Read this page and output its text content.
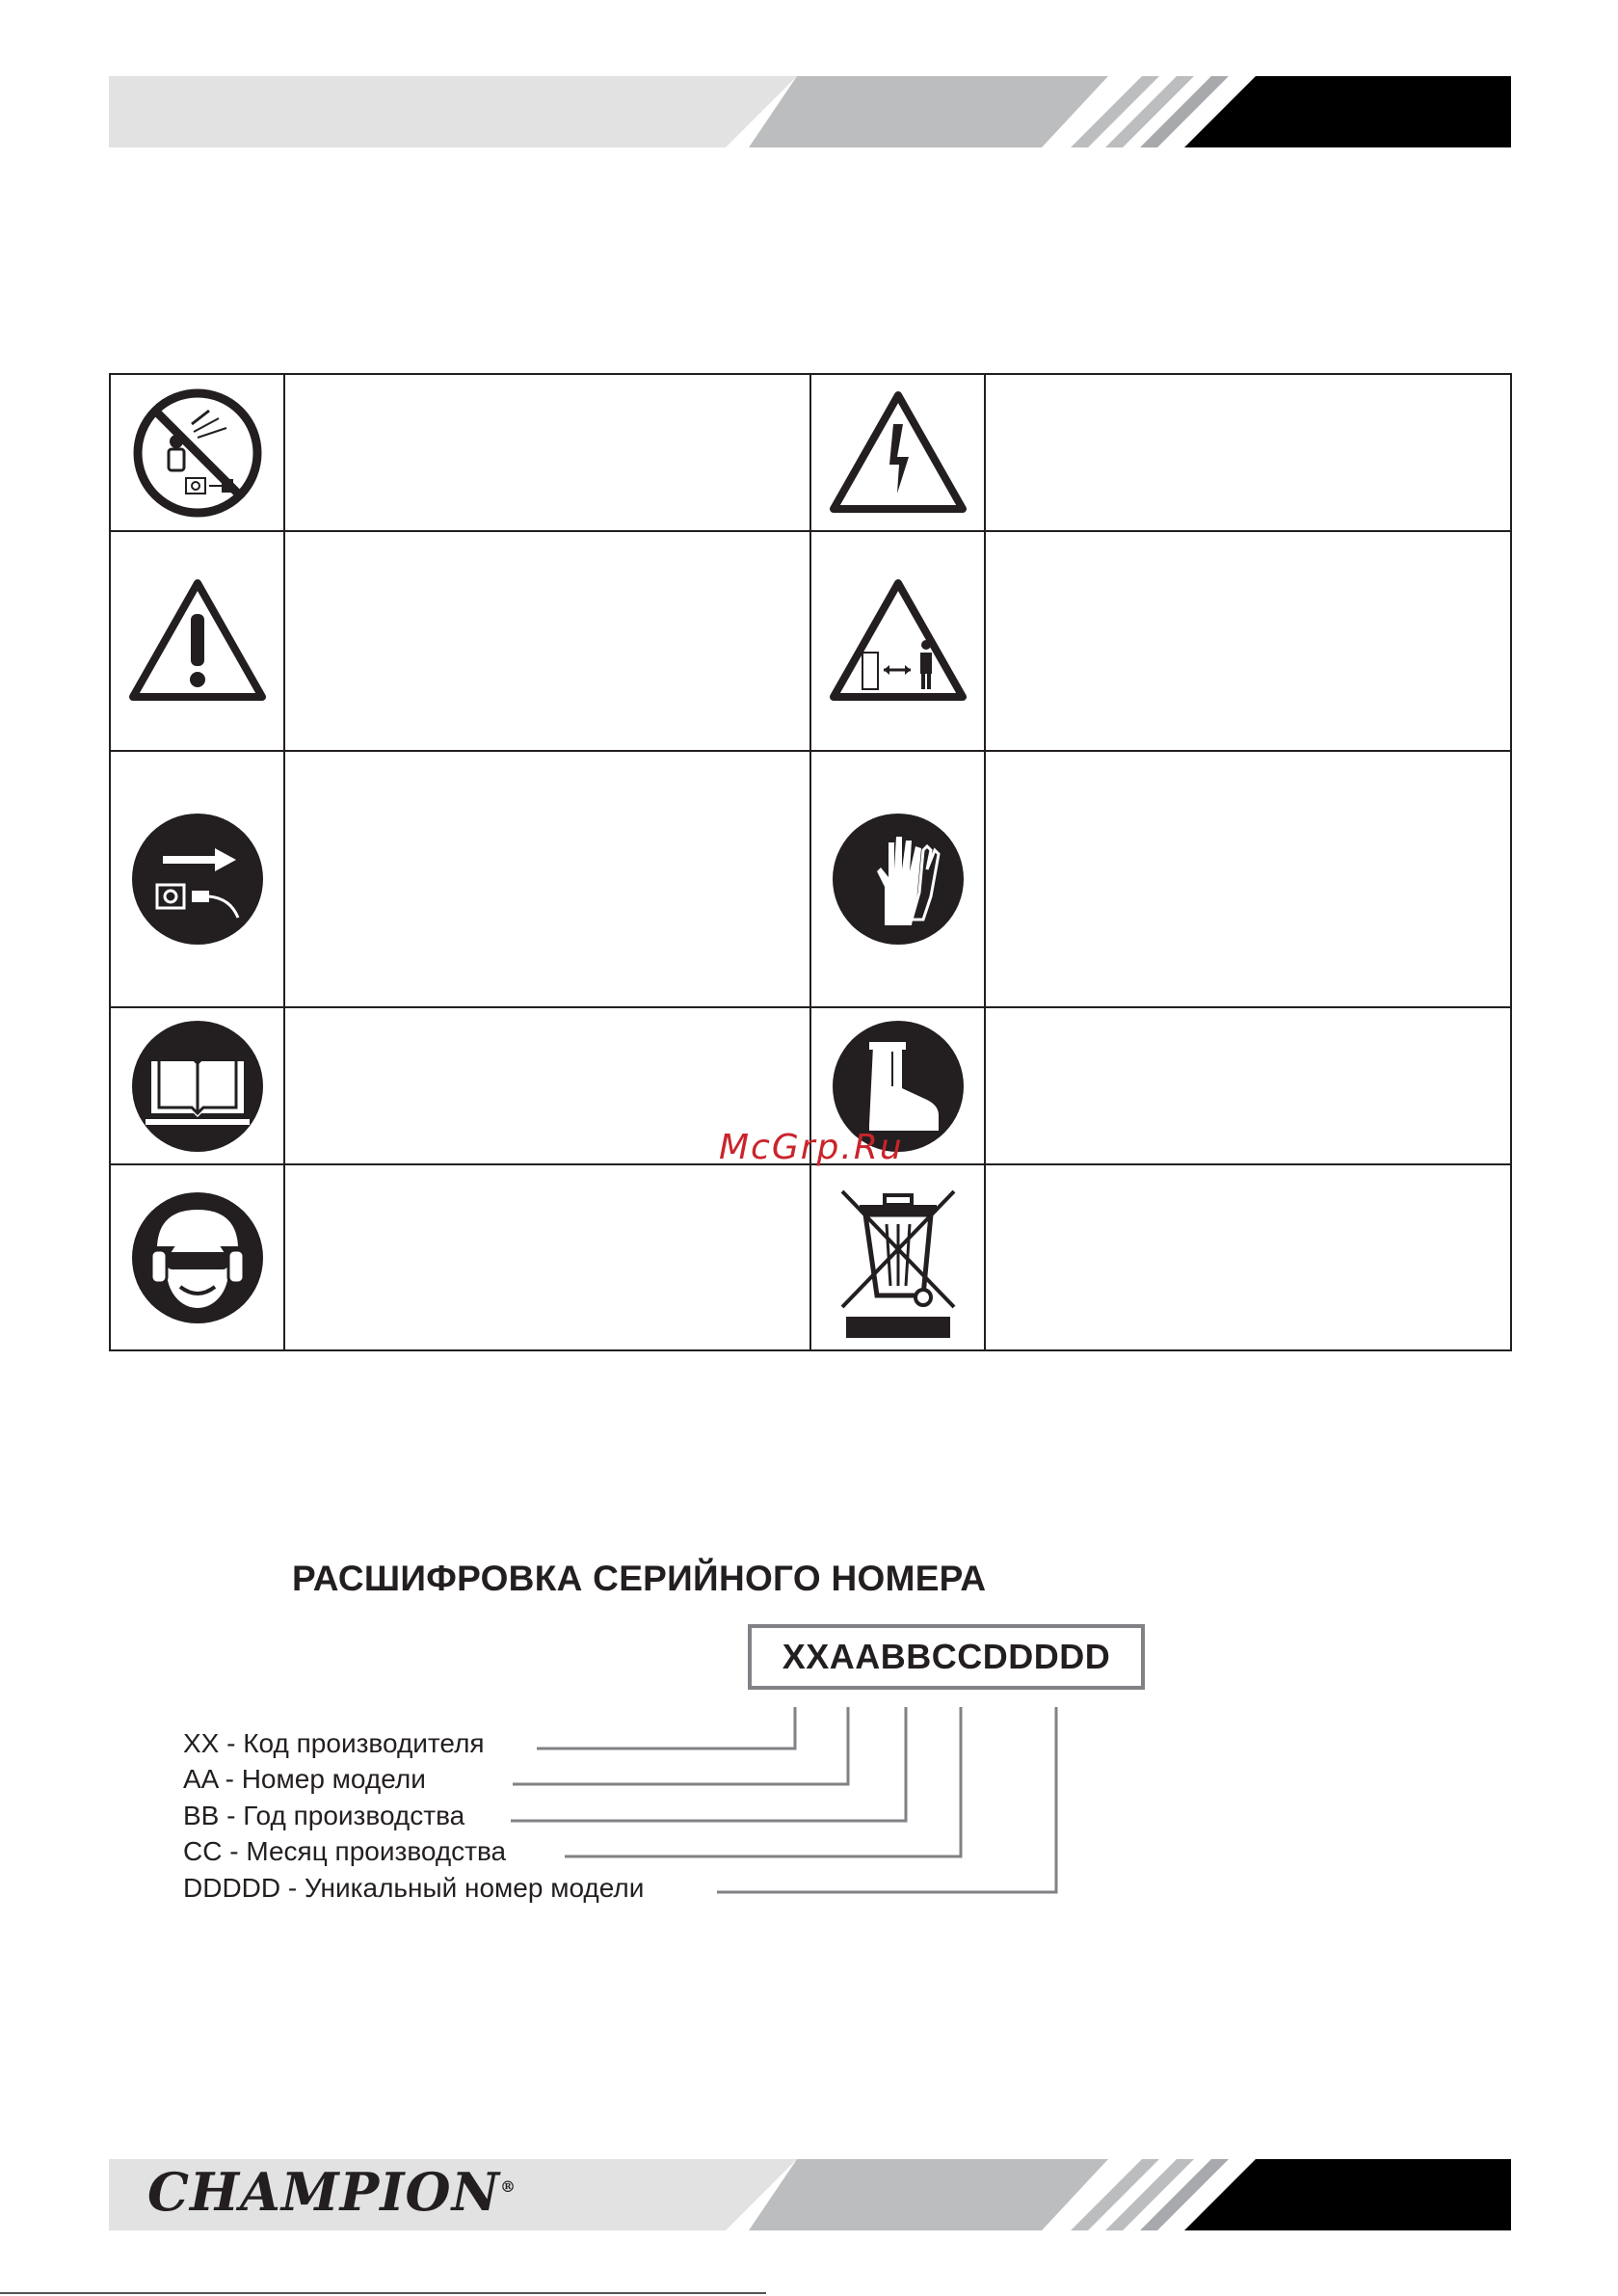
McGrp.Ru
РАСШИФРОВКА СЕРИЙНОГО НОМЕРА
XXAABBCCDDDDD
XX - Код производителя
AA - Номер модели
BB - Год производства
CC - Месяц производства
DDDDD - Уникальный номер модели
CHAMPION®
